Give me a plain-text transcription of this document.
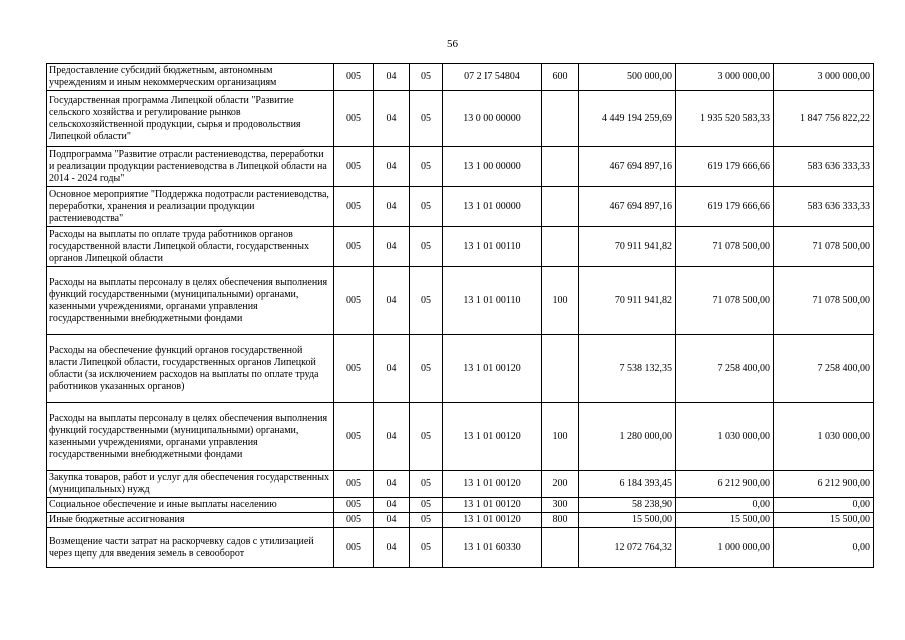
56
Предоставление субсидий бюджетным, автономным учреждениям и иным некоммерческим организациям	005	04	05	07 2 I7 54804	600	500 000,00	3 000 000,00	3 000 000,00
Государственная программа Липецкой области "Развитие сельского хозяйства и регулирование рынков сельскохозяйственной продукции, сырья и продовольствия Липецкой области"	005	04	05	13 0 00 00000		4 449 194 259,69	1 935 520 583,33	1 847 756 822,22
Подпрограмма "Развитие отрасли растениеводства, переработки и реализации продукции растениеводства в Липецкой области на 2014 - 2024 годы"	005	04	05	13 1 00 00000		467 694 897,16	619 179 666,66	583 636 333,33
Основное мероприятие "Поддержка подотрасли растениеводства, переработки, хранения и реализации продукции растениеводства"	005	04	05	13 1 01 00000		467 694 897,16	619 179 666,66	583 636 333,33
Расходы на выплаты по оплате труда работников органов государственной власти Липецкой области, государственных органов Липецкой области	005	04	05	13 1 01 00110		70 911 941,82	71 078 500,00	71 078 500,00
Расходы на выплаты персоналу в целях обеспечения выполнения функций государственными (муниципальными) органами, казенными учреждениями, органами управления государственными внебюджетными фондами	005	04	05	13 1 01 00110	100	70 911 941,82	71 078 500,00	71 078 500,00
Расходы на обеспечение функций органов государственной власти Липецкой области, государственных органов Липецкой области (за исключением расходов на выплаты по оплате труда работников указанных органов)	005	04	05	13 1 01 00120		7 538 132,35	7 258 400,00	7 258 400,00
Расходы на выплаты персоналу в целях обеспечения выполнения функций государственными (муниципальными) органами, казенными учреждениями, органами управления государственными внебюджетными фондами	005	04	05	13 1 01 00120	100	1 280 000,00	1 030 000,00	1 030 000,00
Закупка товаров, работ и услуг для обеспечения государственных (муниципальных) нужд	005	04	05	13 1 01 00120	200	6 184 393,45	6 212 900,00	6 212 900,00
Социальное обеспечение и иные выплаты населению	005	04	05	13 1 01 00120	300	58 238,90	0,00	0,00
Иные бюджетные ассигнования	005	04	05	13 1 01 00120	800	15 500,00	15 500,00	15 500,00
Возмещение части затрат на раскорчевку садов с утилизацией через щепу для введения земель в севооборот	005	04	05	13 1 01 60330		12 072 764,32	1 000 000,00	0,00
